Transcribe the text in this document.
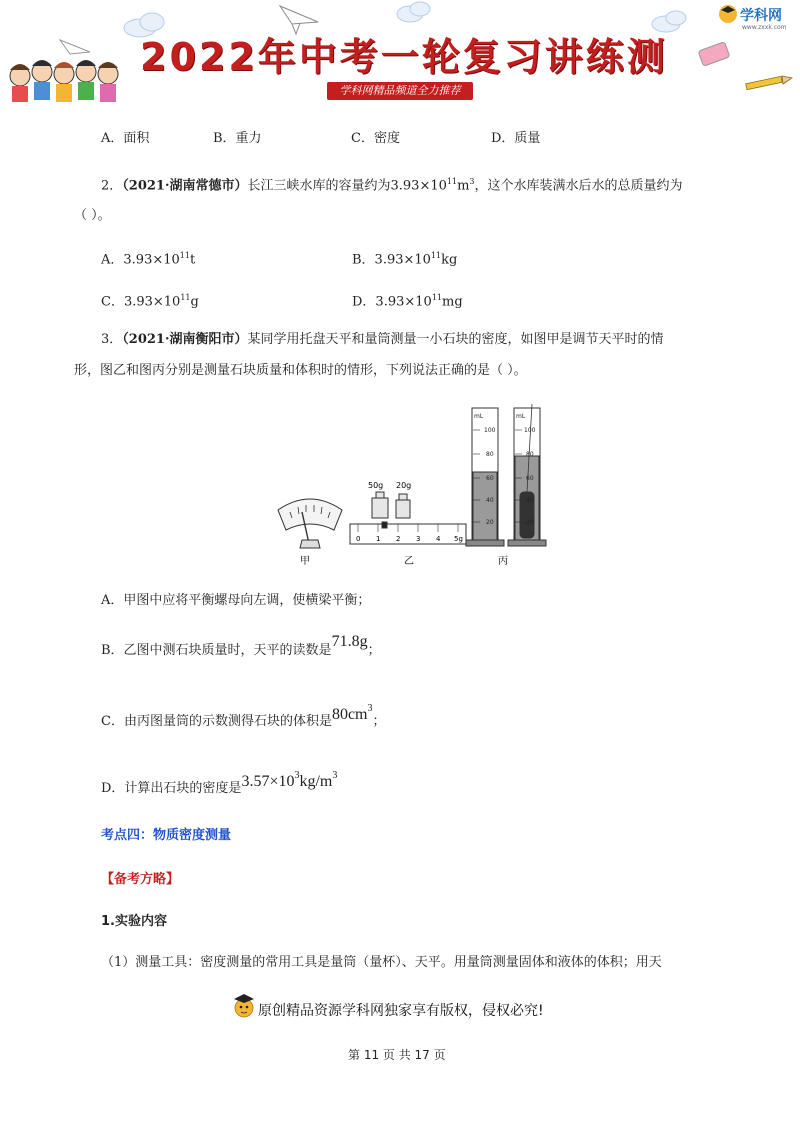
2022年中考一轮复习讲练测
学科网精品频道全力推荐
学科网
www.zxxk.com
A．面积	B．重力	C．密度	D．质量
2．（2021·湖南常德市）长江三峡水库的容量约为$3.93\times 10^{11}m^3$，这个水库装满水后水的总质量约为
（ ）。
A．$3.93\times 10^{11}t$	B．$3.93\times 10^{11}kg$
C．$3.93\times 10^{11}g$	D．$3.93\times 10^{11}mg$
3．（2021·湖南衡阳市）某同学用托盘天平和量筒测量一小石块的密度，如图甲是调节天平时的情
形，图乙和图丙分别是测量石块质量和体积时的情形，下列说法正确的是（ ）。
甲
50g 20g
0 1 2 3 4 5g
乙
mL
100
80
60
40
20
mL
100
80
60
40
20
丙
A．甲图中应将平衡螺母向左调，使横梁平衡；
B．乙图中测石块质量时，天平的读数是71.8g；
C．由丙图量筒的示数测得石块的体积是$80cm^3$；
D．计算出石块的密度是$3.57\times 10^3kg/m^3$
考点四：物质密度测量
【备考方略】
1.实验内容
（1）测量工具：密度测量的常用工具是量筒（量杯）、天平。用量筒测量固体和液体的体积；用天
原创精品资源学科网独家享有版权，侵权必究!
第 11 页 共 17 页
